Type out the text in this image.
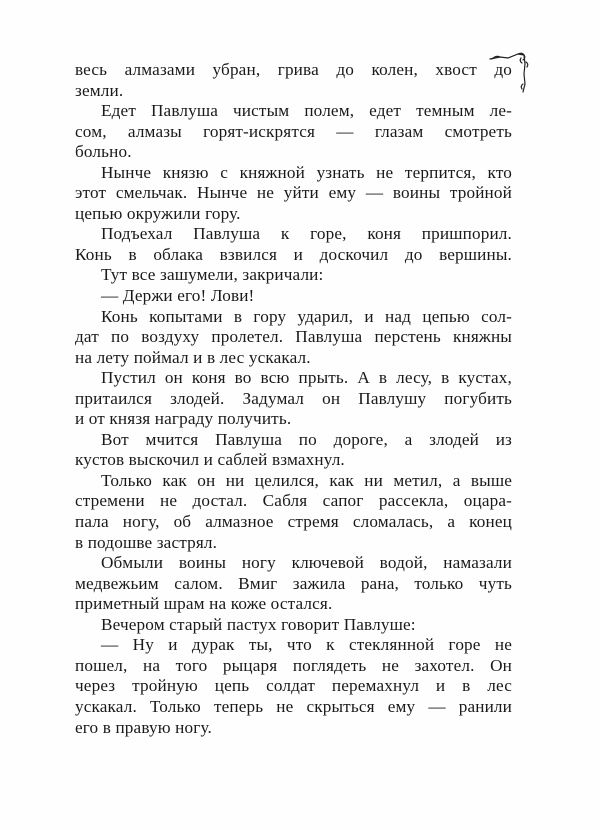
весь алмазами убран, грива до колен, хвост до
земли.
Едет Павлуша чистым полем, едет темным ле-
сом, алмазы горят-искрятся — глазам смотреть
больно.
Нынче князю с княжной узнать не терпится, кто
этот смельчак. Нынче не уйти ему — воины тройной
цепью окружили гору.
Подъехал Павлуша к горе, коня пришпорил.
Конь в облака взвился и доскочил до вершины.
Тут все зашумели, закричали:
— Держи его! Лови!
Конь копытами в гору ударил, и над цепью сол-
дат по воздуху пролетел. Павлуша перстень княжны
на лету поймал и в лес ускакал.
Пустил он коня во всю прыть. А в лесу, в кустах,
притаился злодей. Задумал он Павлушу погубить
и от князя награду получить.
Вот мчится Павлуша по дороге, а злодей из
кустов выскочил и саблей взмахнул.
Только как он ни целился, как ни метил, а выше
стремени не достал. Сабля сапог рассекла, оцара-
пала ногу, об алмазное стремя сломалась, а конец
в подошве застрял.
Обмыли воины ногу ключевой водой, намазали
медвежьим салом. Вмиг зажила рана, только чуть
приметный шрам на коже остался.
Вечером старый пастух говорит Павлуше:
— Ну и дурак ты, что к стеклянной горе не
пошел, на того рыцаря поглядеть не захотел. Он
через тройную цепь солдат перемахнул и в лес
ускакал. Только теперь не скрыться ему — ранили
его в правую ногу.
